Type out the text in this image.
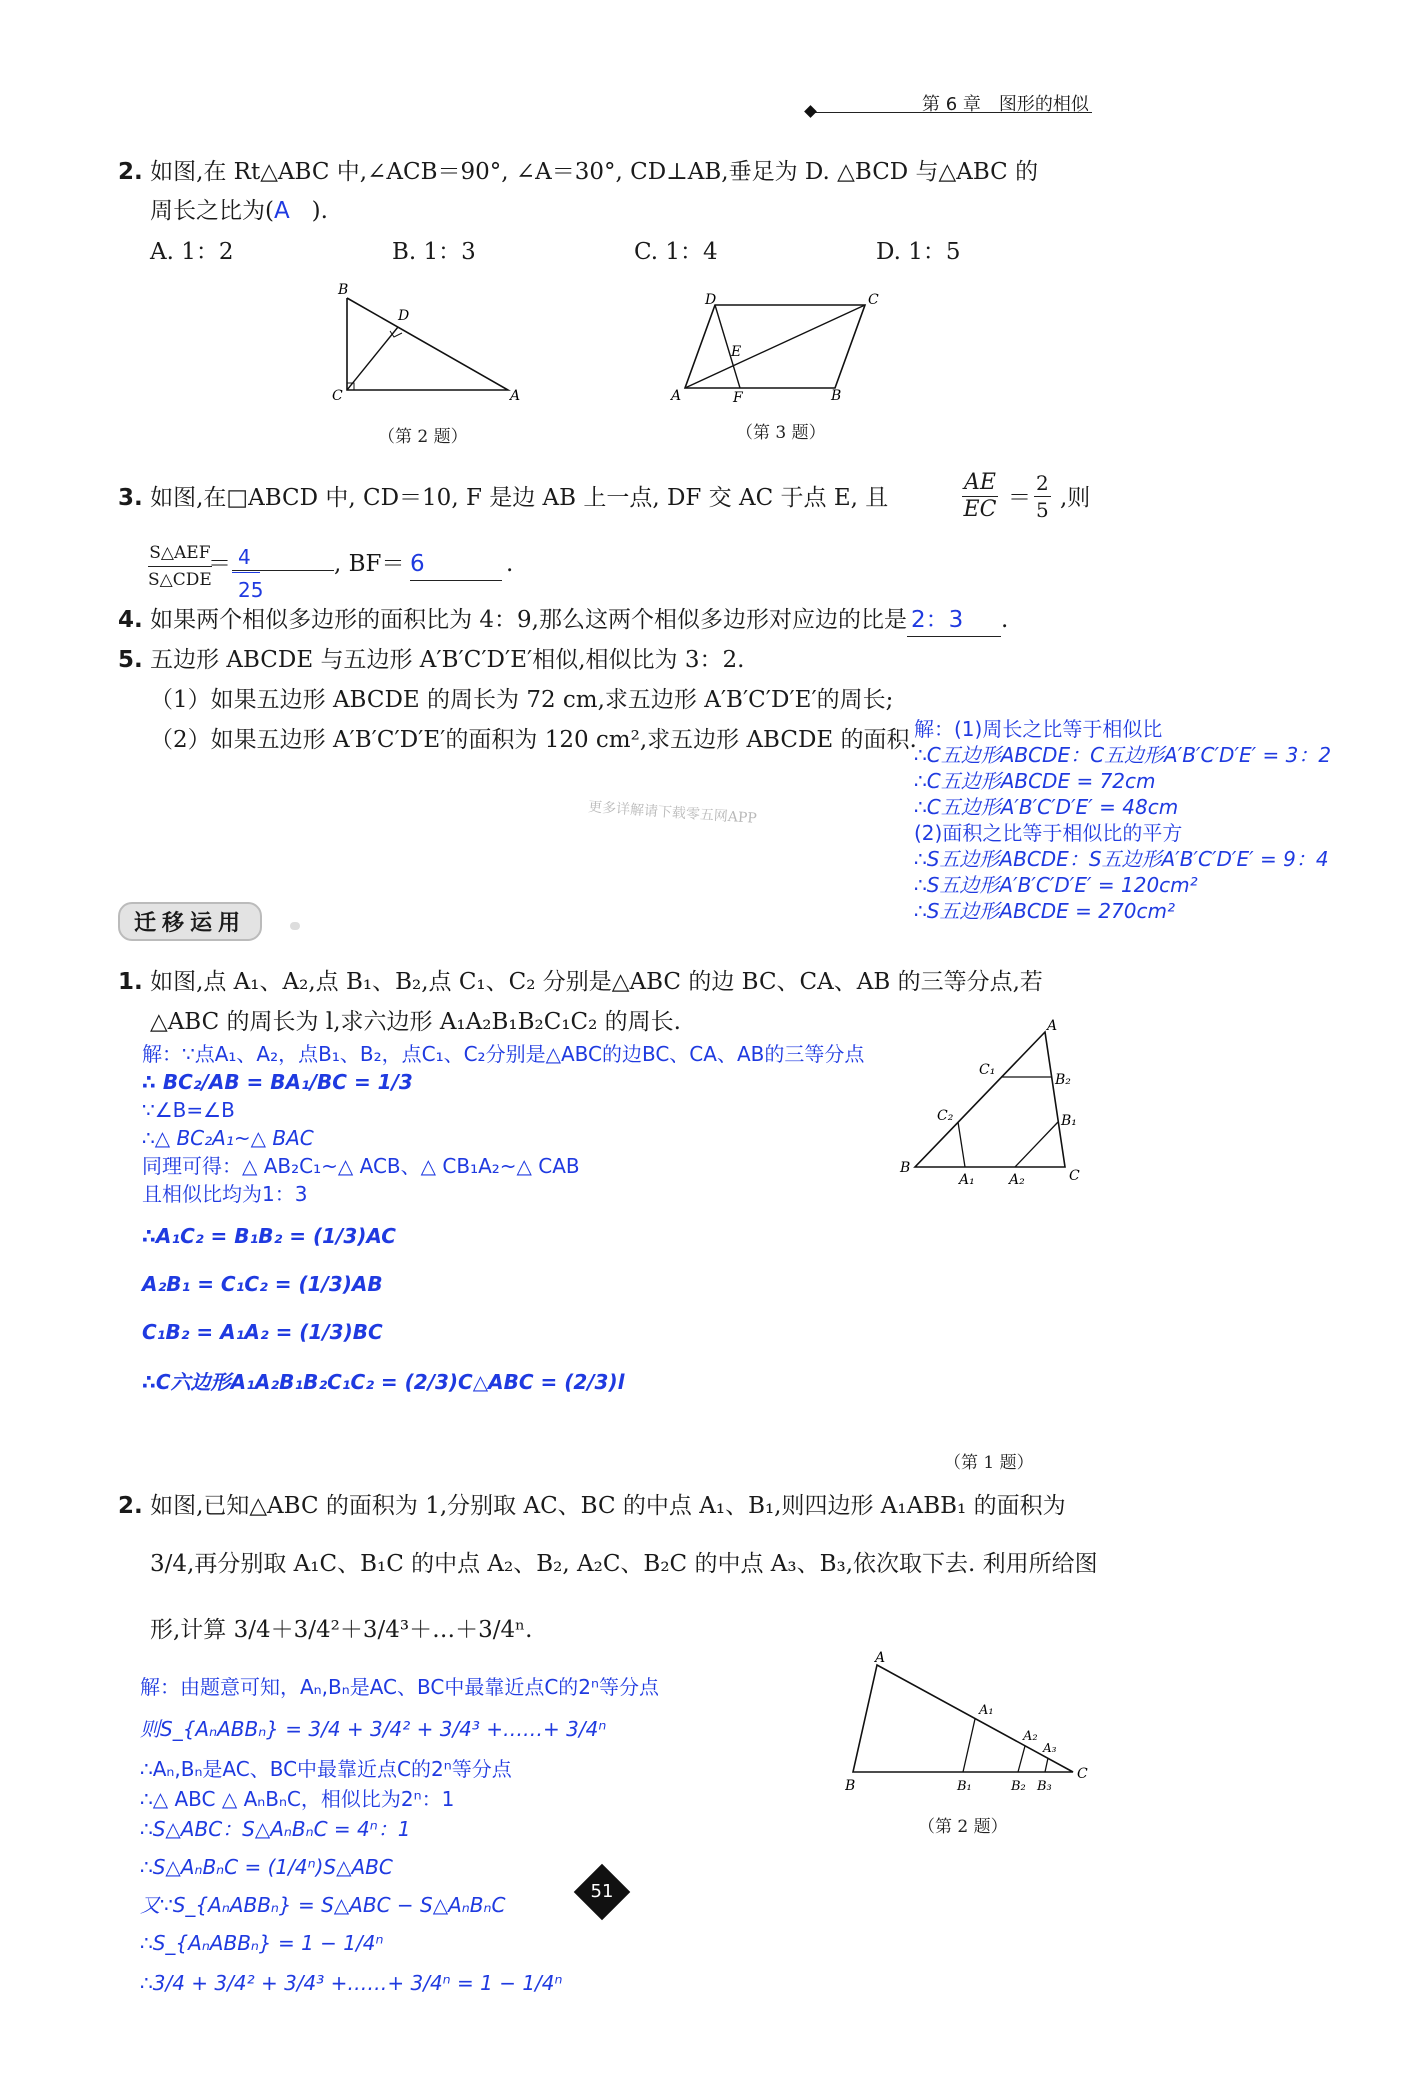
第 6 章　图形的相似
2. 如图,在 Rt△ABC 中,∠ACB＝90°, ∠A＝30°, CD⊥AB,垂足为 D. △BCD 与△ABC 的
周长之比为(A ).
A. 1：2	B. 1：3	C. 1：4	D. 1：5
B
D
C	A
（第 2 题）
D	C
E
A	F	B
（第 3 题）
3. 如图,在□ABCD 中, CD＝10, F 是边 AB 上一点, DF 交 AC 于点 E, 且	$\frac{AE}{EC} = \frac{2}{5}$ ,则
S△AEF
S△CDE
＝ 4
25
, BF＝ 6	.
4. 如果两个相似多边形的面积比为 4：9,那么这两个相似多边形对应边的比是 2：3 .
5. 五边形 ABCDE 与五边形 A′B′C′D′E′相似,相似比为 3：2.
（1）如果五边形 ABCDE 的周长为 72 cm,求五边形 A′B′C′D′E′的周长;
（2）如果五边形 A′B′C′D′E′的面积为 120 cm²,求五边形 ABCDE 的面积.
解：(1)周长之比等于相似比
∴C五边形ABCDE：C五边形A′B′C′D′E′ = 3：2
∴C五边形ABCDE = 72cm
∴C五边形A′B′C′D′E′ = 48cm
(2)面积之比等于相似比的平方
∴S五边形ABCDE：S五边形A′B′C′D′E′ = 9：4
∴S五边形A′B′C′D′E′ = 120cm²
∴S五边形ABCDE = 270cm²
更多详解请下载零五网APP
迁移运用
1. 如图,点 A₁、A₂,点 B₁、B₂,点 C₁、C₂ 分别是△ABC 的边 BC、CA、AB 的三等分点,若
△ABC 的周长为 l,求六边形 A₁A₂B₁B₂C₁C₂ 的周长.
解：∵点A₁、A₂，点B₁、B₂，点C₁、C₂分别是△ABC的边BC、CA、AB的三等分点
∴ BC₂/AB = BA₁/BC = 1/3
∵∠B=∠B
∴△ BC₂A₁~△ BAC
同理可得：△ AB₂C₁~△ ACB、△ CB₁A₂~△ CAB
且相似比均为1：3
∴A₁C₂ = B₁B₂ = (1/3)AC
A₂B₁ = C₁C₂ = (1/3)AB
C₁B₂ = A₁A₂ = (1/3)BC
∴C六边形A₁A₂B₁B₂C₁C₂ = (2/3)C△ABC = (2/3)l
A
B	C
A₁ A₂
B₁
B₂
C₁
C₂
（第 1 题）
2. 如图,已知△ABC 的面积为 1,分别取 AC、BC 的中点 A₁、B₁,则四边形 A₁ABB₁ 的面积为
3/4,再分别取 A₁C、B₁C 的中点 A₂、B₂, A₂C、B₂C 的中点 A₃、B₃,依次取下去. 利用所给图
形,计算 3/4＋3/4²＋3/4³＋…＋3/4ⁿ.
解：由题意可知，Aₙ,Bₙ是AC、BC中最靠近点C的2ⁿ等分点
则S_{AₙABBₙ} = 3/4 + 3/4² + 3/4³ +……+ 3/4ⁿ
∴Aₙ,Bₙ是AC、BC中最靠近点C的2ⁿ等分点
∴△ ABC △ AₙBₙC，相似比为2ⁿ：1
∴S△ABC：S△AₙBₙC = 4ⁿ：1
∴S△AₙBₙC = (1/4ⁿ)S△ABC
又∵S_{AₙABBₙ} = S△ABC − S△AₙBₙC
∴S_{AₙABBₙ} = 1 − 1/4ⁿ
∴3/4 + 3/4² + 3/4³ +……+ 3/4ⁿ = 1 − 1/4ⁿ
A
A₁
A₂
A₃
B	B₁	B₂ B₃
C
（第 2 题）
51
